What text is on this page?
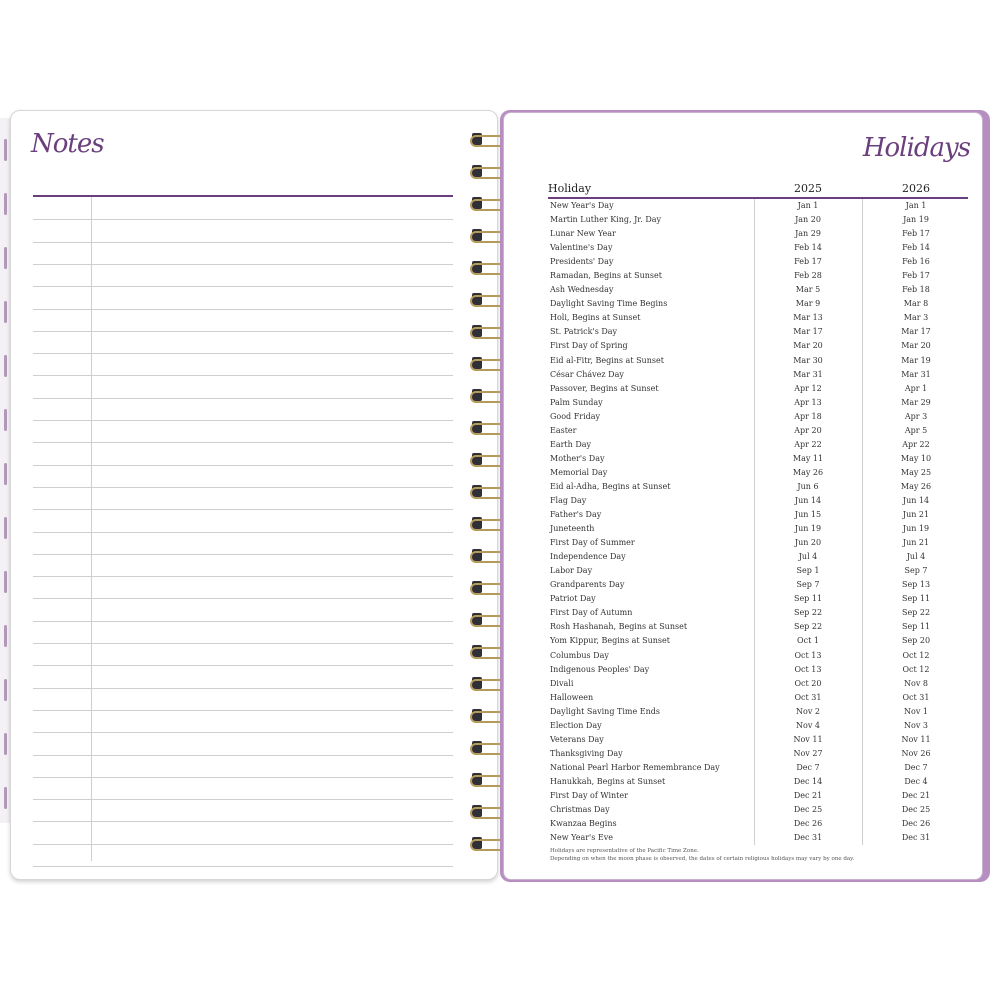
Notes	Holidays
Holiday	2025	2026
New Year's Day	Jan 1	Jan 1
Martin Luther King, Jr. Day	Jan 20	Jan 19
Lunar New Year	Jan 29	Feb 17
Valentine's Day	Feb 14	Feb 14
Presidents' Day	Feb 17	Feb 16
Ramadan, Begins at Sunset	Feb 28	Feb 17
Ash Wednesday	Mar 5	Feb 18
Daylight Saving Time Begins	Mar 9	Mar 8
Holi, Begins at Sunset	Mar 13	Mar 3
St. Patrick's Day	Mar 17	Mar 17
First Day of Spring	Mar 20	Mar 20
Eid al-Fitr, Begins at Sunset	Mar 30	Mar 19
César Chávez Day	Mar 31	Mar 31
Passover, Begins at Sunset	Apr 12	Apr 1
Palm Sunday	Apr 13	Mar 29
Good Friday	Apr 18	Apr 3
Easter	Apr 20	Apr 5
Earth Day	Apr 22	Apr 22
Mother's Day	May 11	May 10
Memorial Day	May 26	May 25
Eid al-Adha, Begins at Sunset	Jun 6	May 26
Flag Day	Jun 14	Jun 14
Father's Day	Jun 15	Jun 21
Juneteenth	Jun 19	Jun 19
First Day of Summer	Jun 20	Jun 21
Independence Day	Jul 4	Jul 4
Labor Day	Sep 1	Sep 7
Grandparents Day	Sep 7	Sep 13
Patriot Day	Sep 11	Sep 11
First Day of Autumn	Sep 22	Sep 22
Rosh Hashanah, Begins at Sunset	Sep 22	Sep 11
Yom Kippur, Begins at Sunset	Oct 1	Sep 20
Columbus Day	Oct 13	Oct 12
Indigenous Peoples' Day	Oct 13	Oct 12
Divali	Oct 20	Nov 8
Halloween	Oct 31	Oct 31
Daylight Saving Time Ends	Nov 2	Nov 1
Election Day	Nov 4	Nov 3
Veterans Day	Nov 11	Nov 11
Thanksgiving Day	Nov 27	Nov 26
National Pearl Harbor Remembrance Day	Dec 7	Dec 7
Hanukkah, Begins at Sunset	Dec 14	Dec 4
First Day of Winter	Dec 21	Dec 21
Christmas Day	Dec 25	Dec 25
Kwanzaa Begins	Dec 26	Dec 26
New Year's Eve	Dec 31	Dec 31
Holidays are representative of the Pacific Time Zone.
Depending on when the moon phase is observed, the dates of certain religious holidays may vary by one day.
